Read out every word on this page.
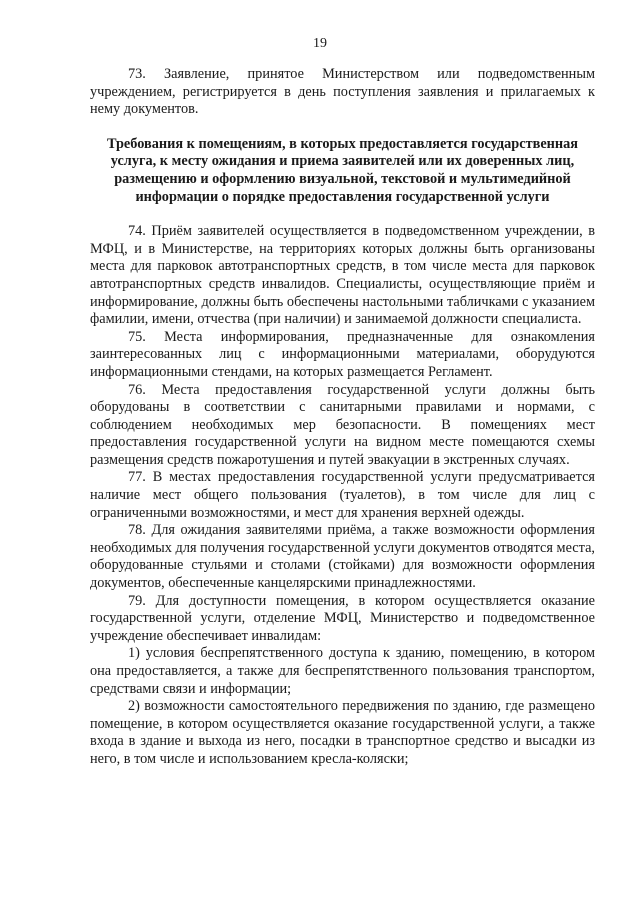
19

73. Заявление, принятое Министерством или подведомственным учреждением, регистрируется в день поступления заявления и прилагаемых к нему документов.

Требования к помещениям, в которых предоставляется государственная услуга, к месту ожидания и приема заявителей или их доверенных лиц, размещению и оформлению визуальной, текстовой и мультимедийной информации о порядке предоставления государственной услуги

74. Приём заявителей осуществляется в подведомственном учреждении, в МФЦ, и в Министерстве, на территориях которых должны быть организованы места для парковок автотранспортных средств, в том числе места для парковок автотранспортных средств инвалидов. Специалисты, осуществляющие приём и информирование, должны быть обеспечены настольными табличками с указанием фамилии, имени, отчества (при наличии) и занимаемой должности специалиста.

75. Места информирования, предназначенные для ознакомления заинтересованных лиц с информационными материалами, оборудуются информационными стендами, на которых размещается Регламент.

76. Места предоставления государственной услуги должны быть оборудованы в соответствии с санитарными правилами и нормами, с соблюдением необходимых мер безопасности. В помещениях мест предоставления государственной услуги на видном месте помещаются схемы размещения средств пожаротушения и путей эвакуации в экстренных случаях.

77. В местах предоставления государственной услуги предусматривается наличие мест общего пользования (туалетов), в том числе для лиц с ограниченными возможностями, и мест для хранения верхней одежды.

78. Для ожидания заявителями приёма, а также возможности оформления необходимых для получения государственной услуги документов отводятся места, оборудованные стульями и столами (стойками) для возможности оформления документов, обеспеченные канцелярскими принадлежностями.

79. Для доступности помещения, в котором осуществляется оказание государственной услуги, отделение МФЦ, Министерство и подведомственное учреждение обеспечивает инвалидам:

1) условия беспрепятственного доступа к зданию, помещению, в котором она предоставляется, а также для беспрепятственного пользования транспортом, средствами связи и информации;

2) возможности самостоятельного передвижения по зданию, где размещено помещение, в котором осуществляется оказание государственной услуги, а также входа в здание и выхода из него, посадки в транспортное средство и высадки из него, в том числе и использованием кресла-коляски;
